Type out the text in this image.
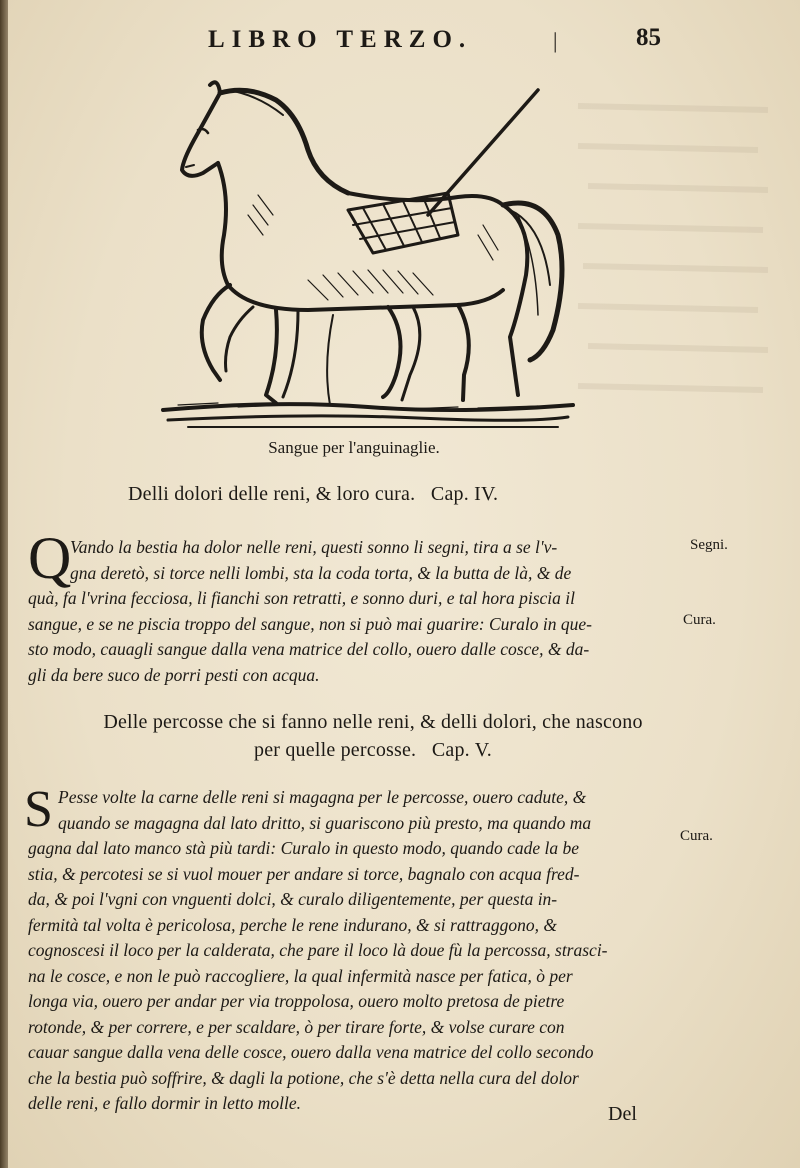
LIBRO TERZO.	|	85
Sangue per l'anguinaglie.
Delli dolori delle reni, & loro cura.   Cap. IV.
Q
Vando la bestia ha dolor nelle reni, questi sonno li segni, tira a se l'v-
gna deretò, si torce nelli lombi, sta la coda torta, & la butta de là, & de
quà, fa l'vrina fecciosa, li fianchi son retratti, e sonno duri, e tal hora piscia il
sangue, e se ne piscia troppo del sangue, non si può mai guarire: Curalo in que-
sto modo, cauagli sangue dalla vena matrice del collo, ouero dalle cosce, & da-
gli da bere suco de porri pesti con acqua.
Segni.
Cura.
Delle percosse che si fanno nelle reni, & delli dolori, che nascono
per quelle percosse.   Cap. V.
S Pesse volte la carne delle reni si magagna per le percosse, ouero cadute, &
quando se magagna dal lato dritto, si guariscono più presto, ma quando ma
gagna dal lato manco stà più tardi: Curalo in questo modo, quando cade la be
stia, & percotesi se si vuol mouer per andare si torce, bagnalo con acqua fred-
da, & poi l'vgni con vnguenti dolci, & curalo diligentemente, per questa in-
fermità tal volta è pericolosa, perche le rene indurano, & si rattraggono, &
cognoscesi il loco per la calderata, che pare il loco là doue fù la percossa, strasci-
na le cosce, e non le può raccogliere, la qual infermità nasce per fatica, ò per
longa via, ouero per andar per via troppolosa, ouero molto pretosa de pietre
rotonde, & per correre, e per scaldare, ò per tirare forte, & volse curare con
cauar sangue dalla vena delle cosce, ouero dalla vena matrice del collo secondo
che la bestia può soffrire, & dagli la potione, che s'è detta nella cura del dolor
delle reni, e fallo dormir in letto molle.
Cura.
Del
